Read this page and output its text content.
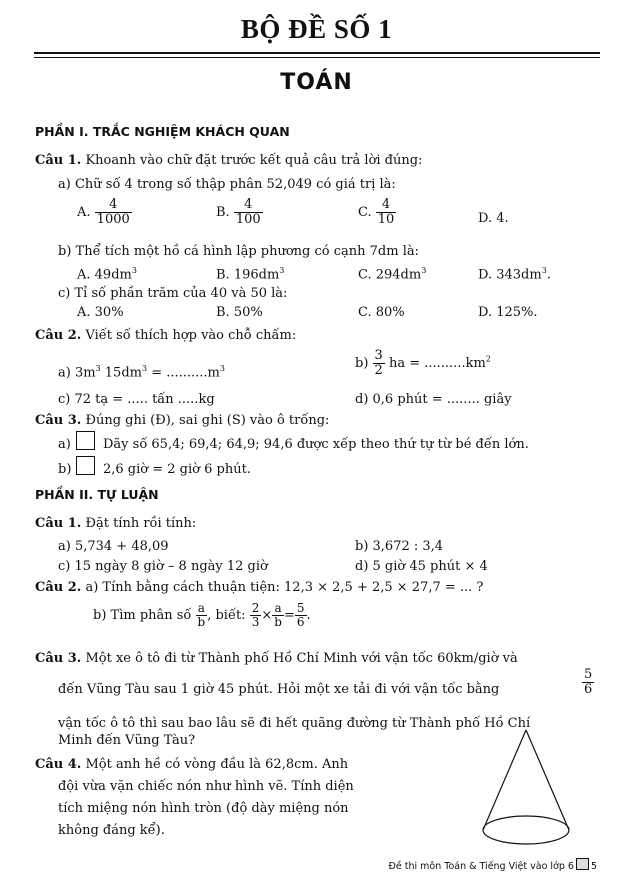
BỘ ĐỀ SỐ 1
TOÁN
PHẦN I. TRẮC NGHIỆM KHÁCH QUAN
Câu 1. Khoanh vào chữ đặt trước kết quả câu trả lời đúng:
a) Chữ số 4 trong số thập phân 52,049 có giá trị là:
A. $\frac{4}{1000}$	B. $\frac{4}{100}$	C. $\frac{4}{10}$	D. 4.
b) Thể tích một hồ cá hình lập phương có cạnh 7dm là:
A. $49dm^3$	B. $196dm^3$	C. $294dm^3$	D. $343dm^3$.
c) Tỉ số phần trăm của 40 và 50 là:
A. 30%	B. 50%	C. 80%	D. 125%.
Câu 2. Viết số thích hợp vào chỗ chấm:
a) $3m^3$ $15dm^3 = ..........m^3$	$b) \frac{3}{2}$ ha = $..........km^2$
c) 72 tạ = ..... tấn .....kg	d) 0,6 phút = ........ giây
Câu 3. Đúng ghi (Đ), sai ghi (S) vào ô trống:
a) Dãy số 65,4; 69,4; 64,9; 94,6 được xếp theo thứ tự từ bé đến lớn.
b) 2,6 giờ = 2 giờ 6 phút.
PHẦN II. TỰ LUẬN
Câu 1. Đặt tính rồi tính:
a) 5,734 + 48,09	b) 3,672 : 3,4
c) 15 ngày 8 giờ – 8 ngày 12 giờ	d) 5 giờ 45 phút × 4
Câu 2. a) Tính bằng cách thuận tiện: 12,3 × 2,5 + 2,5 × 27,7 = ... ?
b) Tìm phân số $\frac{a}{b}$ , biết: $\frac{2}{3} \times \frac{a}{b} = \frac{5}{6}$ .
Câu 3. Một xe ô tô đi từ Thành phố Hồ Chí Minh với vận tốc 60km/giờ và
đến Vũng Tàu sau 1 giờ 45 phút. Hỏi một xe tải đi với vận tốc bằng	$\frac{5}{6}$
vận tốc ô tô thì sau bao lâu sẽ đi hết quãng đường từ Thành phố Hồ Chí
Minh đến Vũng Tàu?
Câu 4. Một anh hề có vòng đầu là 62,8cm. Anh
đội vừa vặn chiếc nón như hình vẽ. Tính diện
tích miệng nón hình tròn (độ dày miệng nón
không đáng kể).
Đề thi môn Toán & Tiếng Việt vào lớp 6 5
